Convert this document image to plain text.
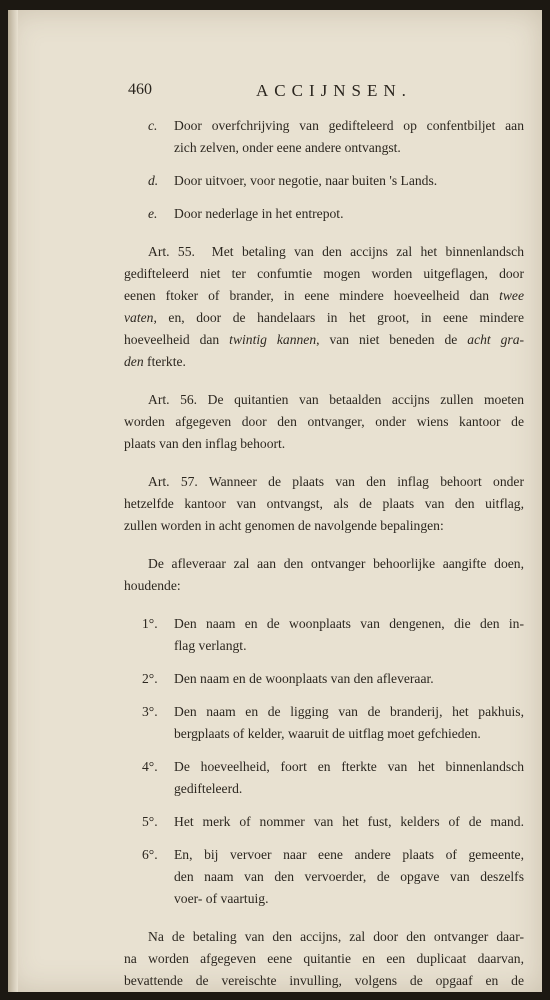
460	ACCIJNSEN.
c. Door overfchrijving van gedifteleerd op confentbiljet aan
zich zelven, onder eene andere ontvangst.
d. Door uitvoer, voor negotie, naar buiten 's Lands.
e. Door nederlage in het entrepot.
Art. 55. Met betaling van den accijns zal het binnenlandsch
gedifteleerd niet ter confumtie mogen worden uitgeflagen, door
eenen ftoker of brander, in eene mindere hoeveelheid dan twee
vaten, en, door de handelaars in het groot, in eene mindere
hoeveelheid dan twintig kannen, van niet beneden de acht gra-
den fterkte.
Art. 56. De quitantien van betaalden accijns zullen moeten
worden afgegeven door den ontvanger, onder wiens kantoor de
plaats van den inflag behoort.
Art. 57. Wanneer de plaats van den inflag behoort onder
hetzelfde kantoor van ontvangst, als de plaats van den uitflag,
zullen worden in acht genomen de navolgende bepalingen:
De afleveraar zal aan den ontvanger behoorlijke aangifte doen,
houdende:
1°. Den naam en de woonplaats van dengenen, die den in-
flag verlangt.
2°. Den naam en de woonplaats van den afleveraar.
3°. Den naam en de ligging van de branderij, het pakhuis,
bergplaats of kelder, waaruit de uitflag moet gefchieden.
4°. De hoeveelheid, foort en fterkte van het binnenlandsch
gedifteleerd.
5°. Het merk of nommer van het fust, kelders of de mand.
6°. En, bij vervoer naar eene andere plaats of gemeente,
den naam van den vervoerder, de opgave van deszelfs
voer- of vaartuig.
Na de betaling van den accijns, zal door den ontvanger daar-
na worden afgegeven eene quitantie en een duplicaat daarvan,
bevattende de vereischte invulling, volgens de opgaaf en de
